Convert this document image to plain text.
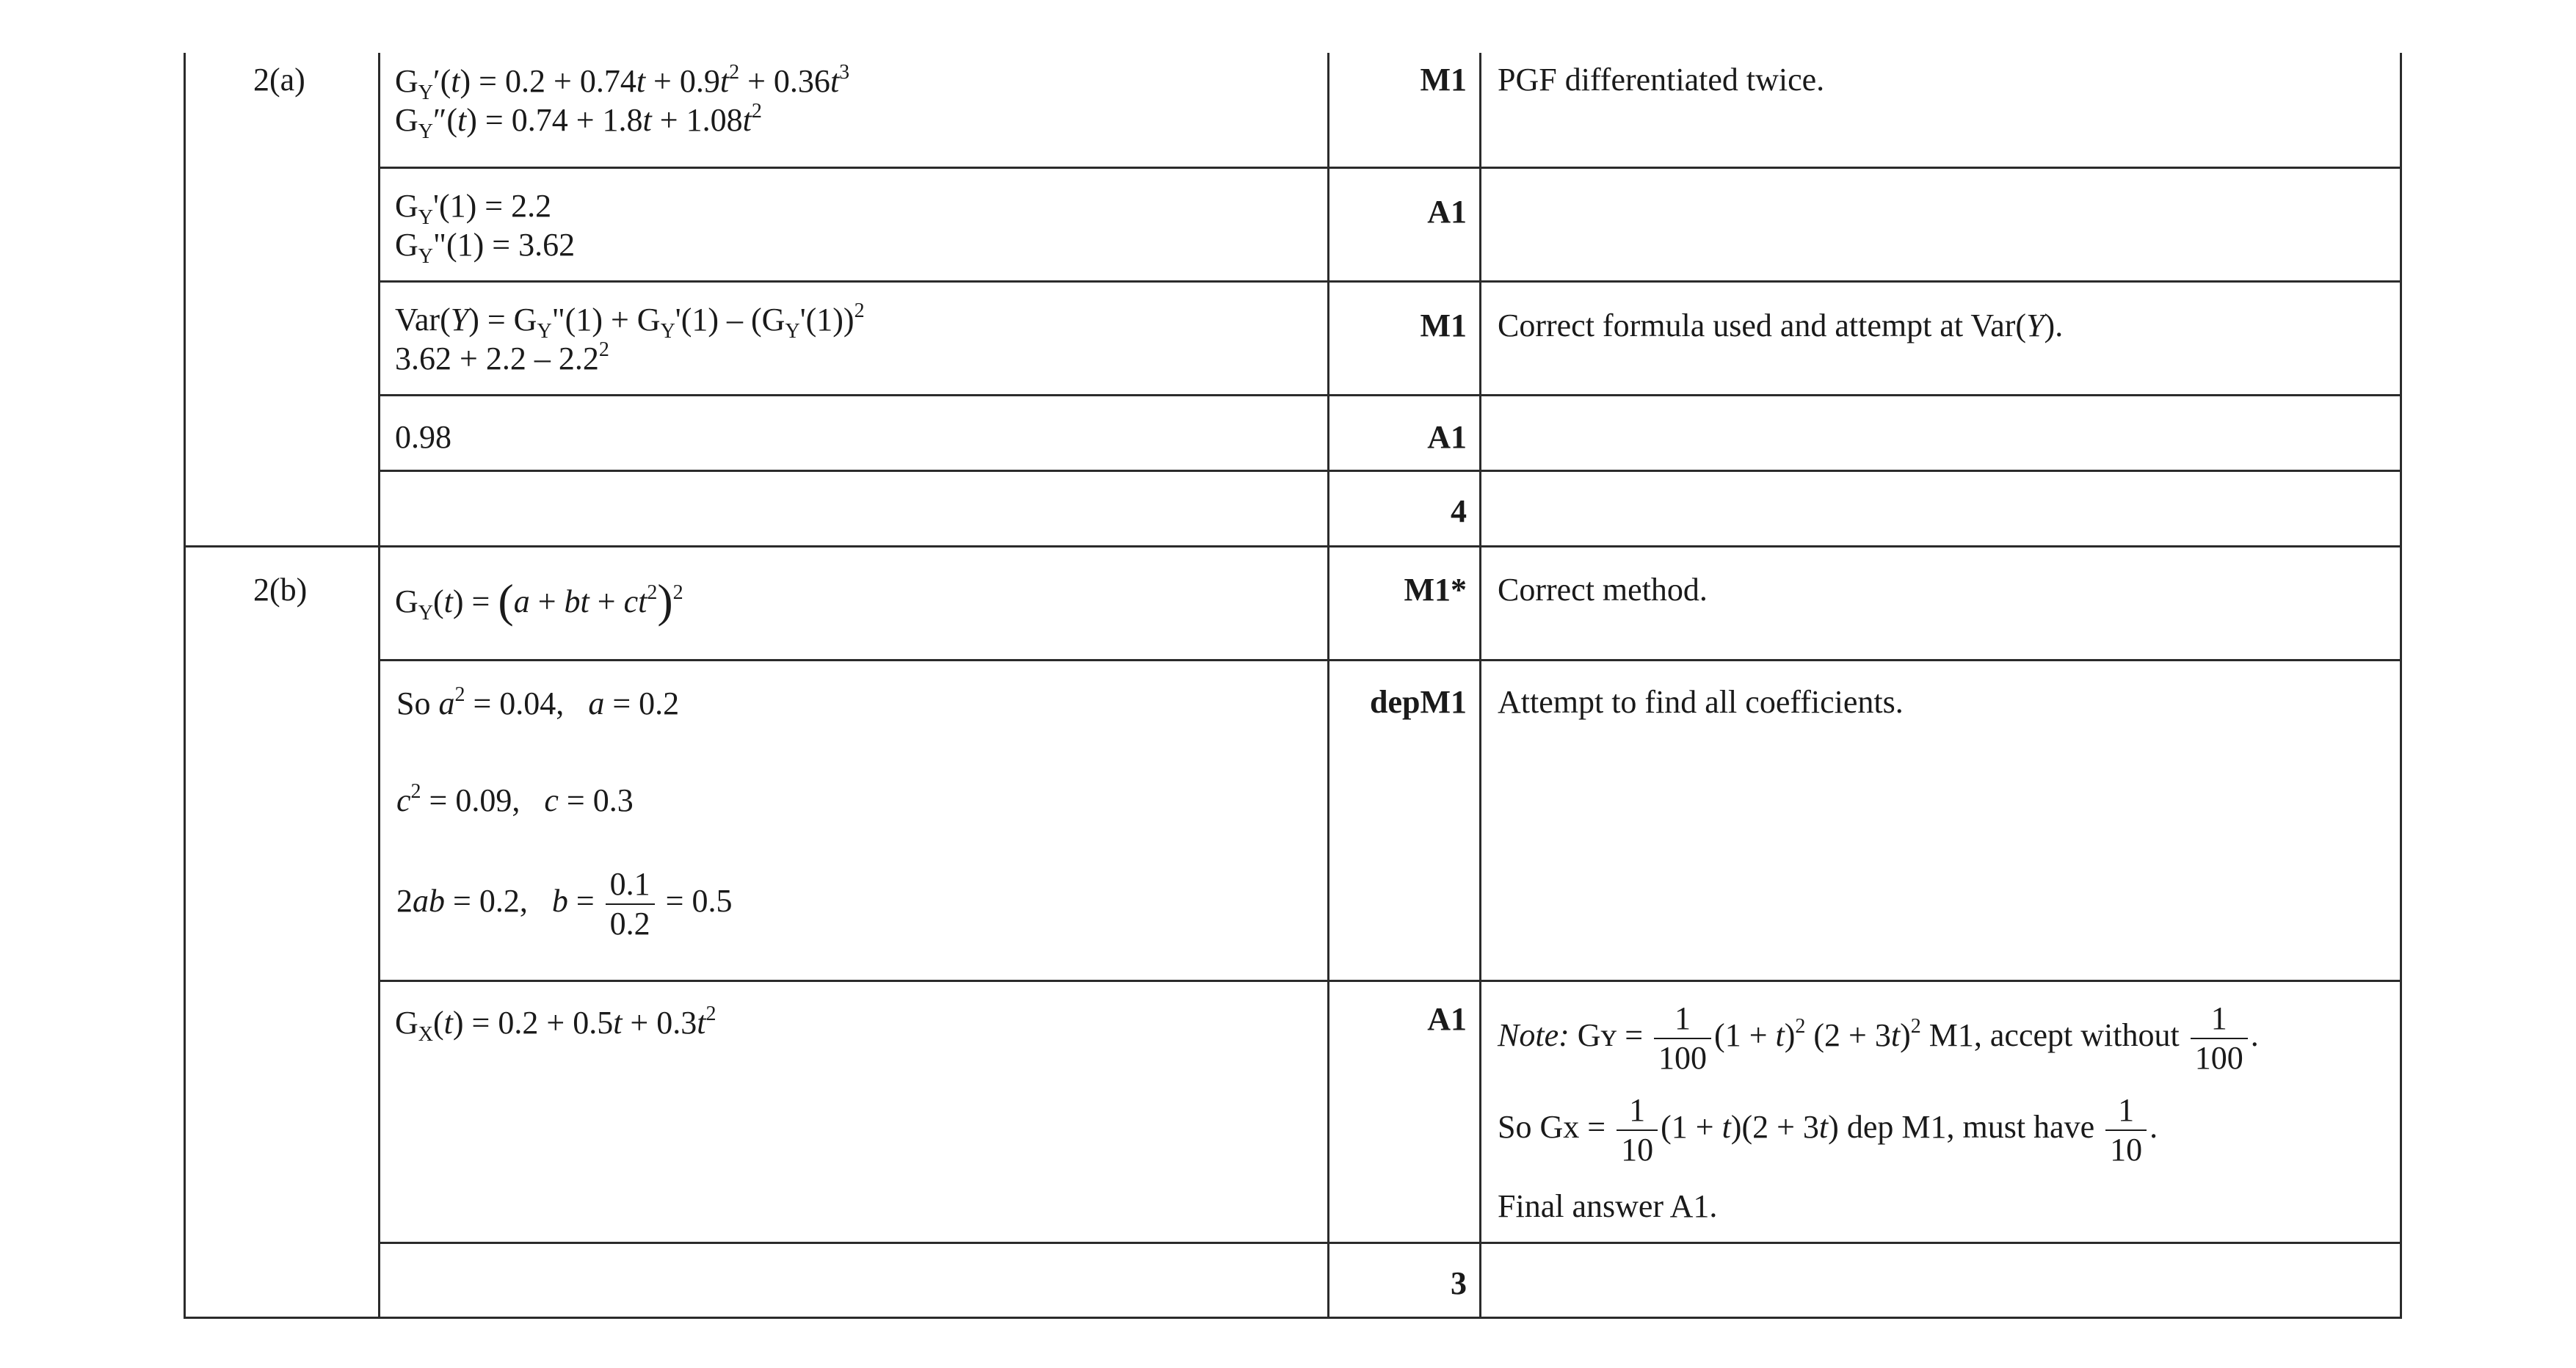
2(a)
2(b)
M1
A1
M1
A1
4
M1*
depM1
A1
3
PGF differentiated twice.
Correct formula used and attempt at Var(Y).
Correct method.
Attempt to find all coefficients.
Note: Gʏ = $\frac{1}{100} (1 + t)^2$ $(2 + 3t)^2$ M1, accept without $\frac{1}{100}$ .
So $Gx = \frac{1}{10} (1 + t)(2 + 3t)$ dep M1, must have $\frac{1}{10}$ .
Final answer A1.
$G_Y'(t) = 0.2 + 0.74t + 0.9t^2 + 0.36t^3$
$G_Y''(t) = 0.74 + 1.8t + 1.08t^2$
$G_Y'(1) = 2.2$
$G_Y"(1) = 3.62$
$Var(Y) = G_Y"(1) + G_Y'(1) - (G_Y'(1))^2$
$3.62 + 2.2 - 2.2^2$
0.98
$G_Y(t) = (a$ + bt + $ct^2)^2$
So $a^2 = 0.04$,   a = 0.2
$c^2 = 0.09$,   c = 0.3
2ab = 0.2,   $b = \frac{0.1}{0.2} = 0.5$
$G_X(t) = 0.2 + 0.5t + 0.3t^2$
